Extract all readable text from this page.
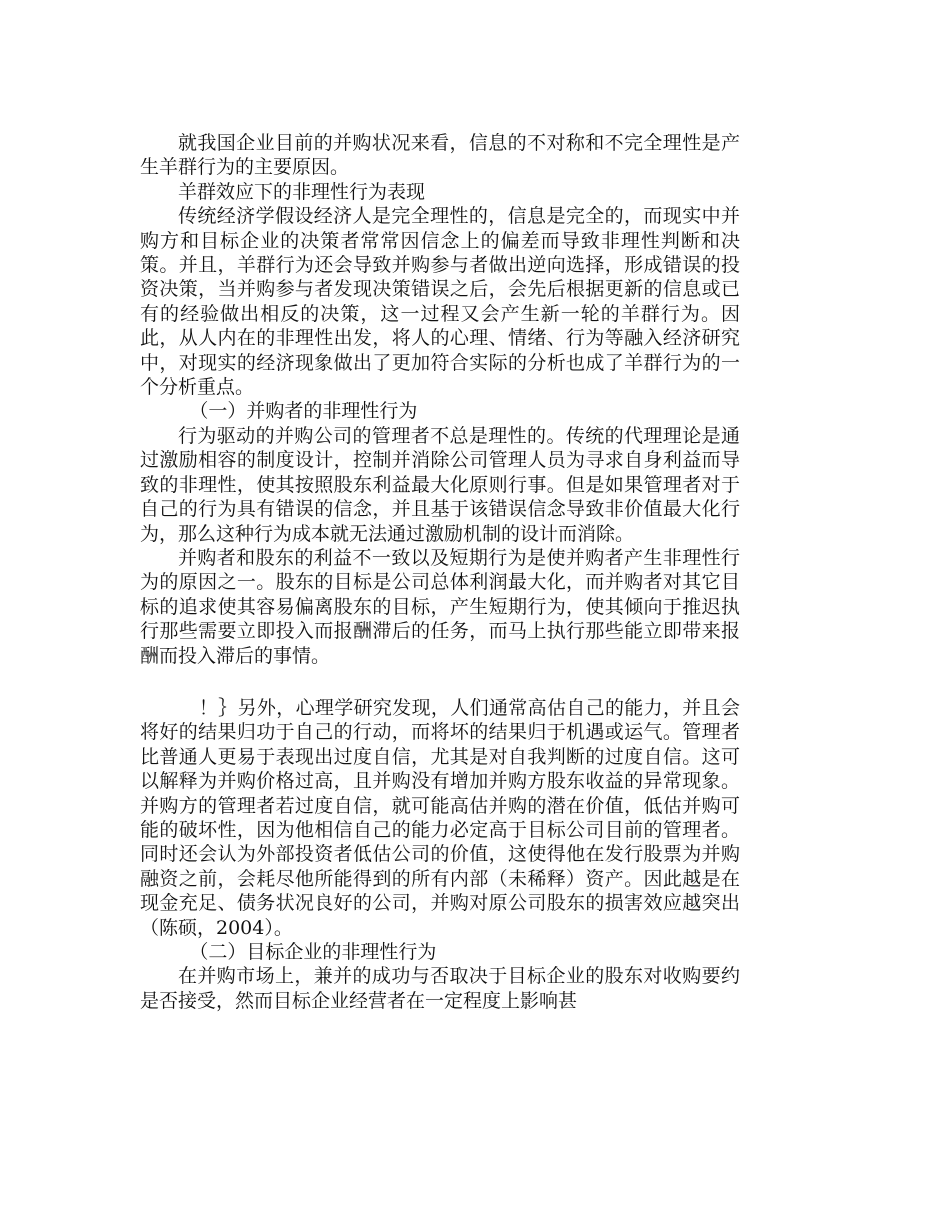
就我国企业目前的并购状况来看，信息的不对称和不完全理性是产生羊群行为的主要原因。

羊群效应下的非理性行为表现

传统经济学假设经济人是完全理性的，信息是完全的，而现实中并购方和目标企业的决策者常常因信念上的偏差而导致非理性判断和决策。并且，羊群行为还会导致并购参与者做出逆向选择，形成错误的投资决策，当并购参与者发现决策错误之后，会先后根据更新的信息或已有的经验做出相反的决策，这一过程又会产生新一轮的羊群行为。因此，从人内在的非理性出发，将人的心理、情绪、行为等融入经济研究中，对现实的经济现象做出了更加符合实际的分析也成了羊群行为的一个分析重点。

（一）并购者的非理性行为

行为驱动的并购公司的管理者不总是理性的。传统的代理理论是通过激励相容的制度设计，控制并消除公司管理人员为寻求自身利益而导致的非理性，使其按照股东利益最大化原则行事。但是如果管理者对于自己的行为具有错误的信念，并且基于该错误信念导致非价值最大化行为，那么这种行为成本就无法通过激励机制的设计而消除。

并购者和股东的利益不一致以及短期行为是使并购者产生非理性行为的原因之一。股东的目标是公司总体利润最大化，而并购者对其它目标的追求使其容易偏离股东的目标，产生短期行为，使其倾向于推迟执行那些需要立即投入而报酬滞后的任务，而马上执行那些能立即带来报酬而投入滞后的事情。

！｝另外，心理学研究发现，人们通常高估自己的能力，并且会将好的结果归功于自己的行动，而将坏的结果归于机遇或运气。管理者比普通人更易于表现出过度自信，尤其是对自我判断的过度自信。这可以解释为并购价格过高，且并购没有增加并购方股东收益的异常现象。并购方的管理者若过度自信，就可能高估并购的潜在价值，低估并购可能的破坏性，因为他相信自己的能力必定高于目标公司目前的管理者。同时还会认为外部投资者低估公司的价值，这使得他在发行股票为并购融资之前，会耗尽他所能得到的所有内部（未稀释）资产。因此越是在现金充足、债务状况良好的公司，并购对原公司股东的损害效应越突出（陈硕，2004）。

（二）目标企业的非理性行为

在并购市场上，兼并的成功与否取决于目标企业的股东对收购要约是否接受，然而目标企业经营者在一定程度上影响甚
